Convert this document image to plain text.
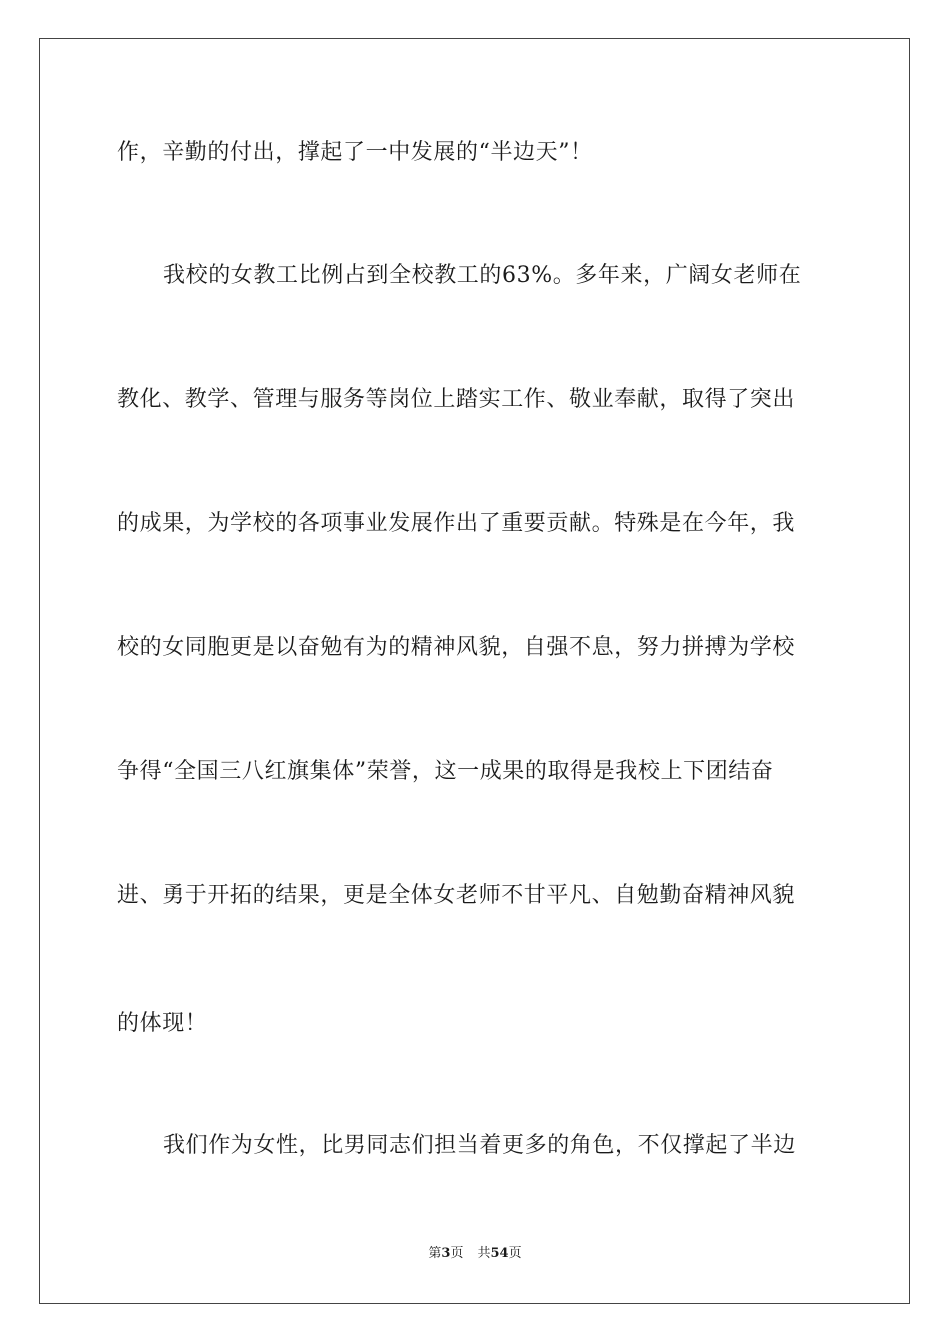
作，辛勤的付出，撑起了一中发展的“半边天”！
我校的女教工比例占到全校教工的63%。多年来，广阔女老师在
教化、教学、管理与服务等岗位上踏实工作、敬业奉献，取得了突出
的成果，为学校的各项事业发展作出了重要贡献。特殊是在今年，我
校的女同胞更是以奋勉有为的精神风貌，自强不息，努力拼搏为学校
争得“全国三八红旗集体”荣誉，这一成果的取得是我校上下团结奋
进、勇于开拓的结果，更是全体女老师不甘平凡、自勉勤奋精神风貌
的体现！
我们作为女性，比男同志们担当着更多的角色，不仅撑起了半边
第3页 共54页
